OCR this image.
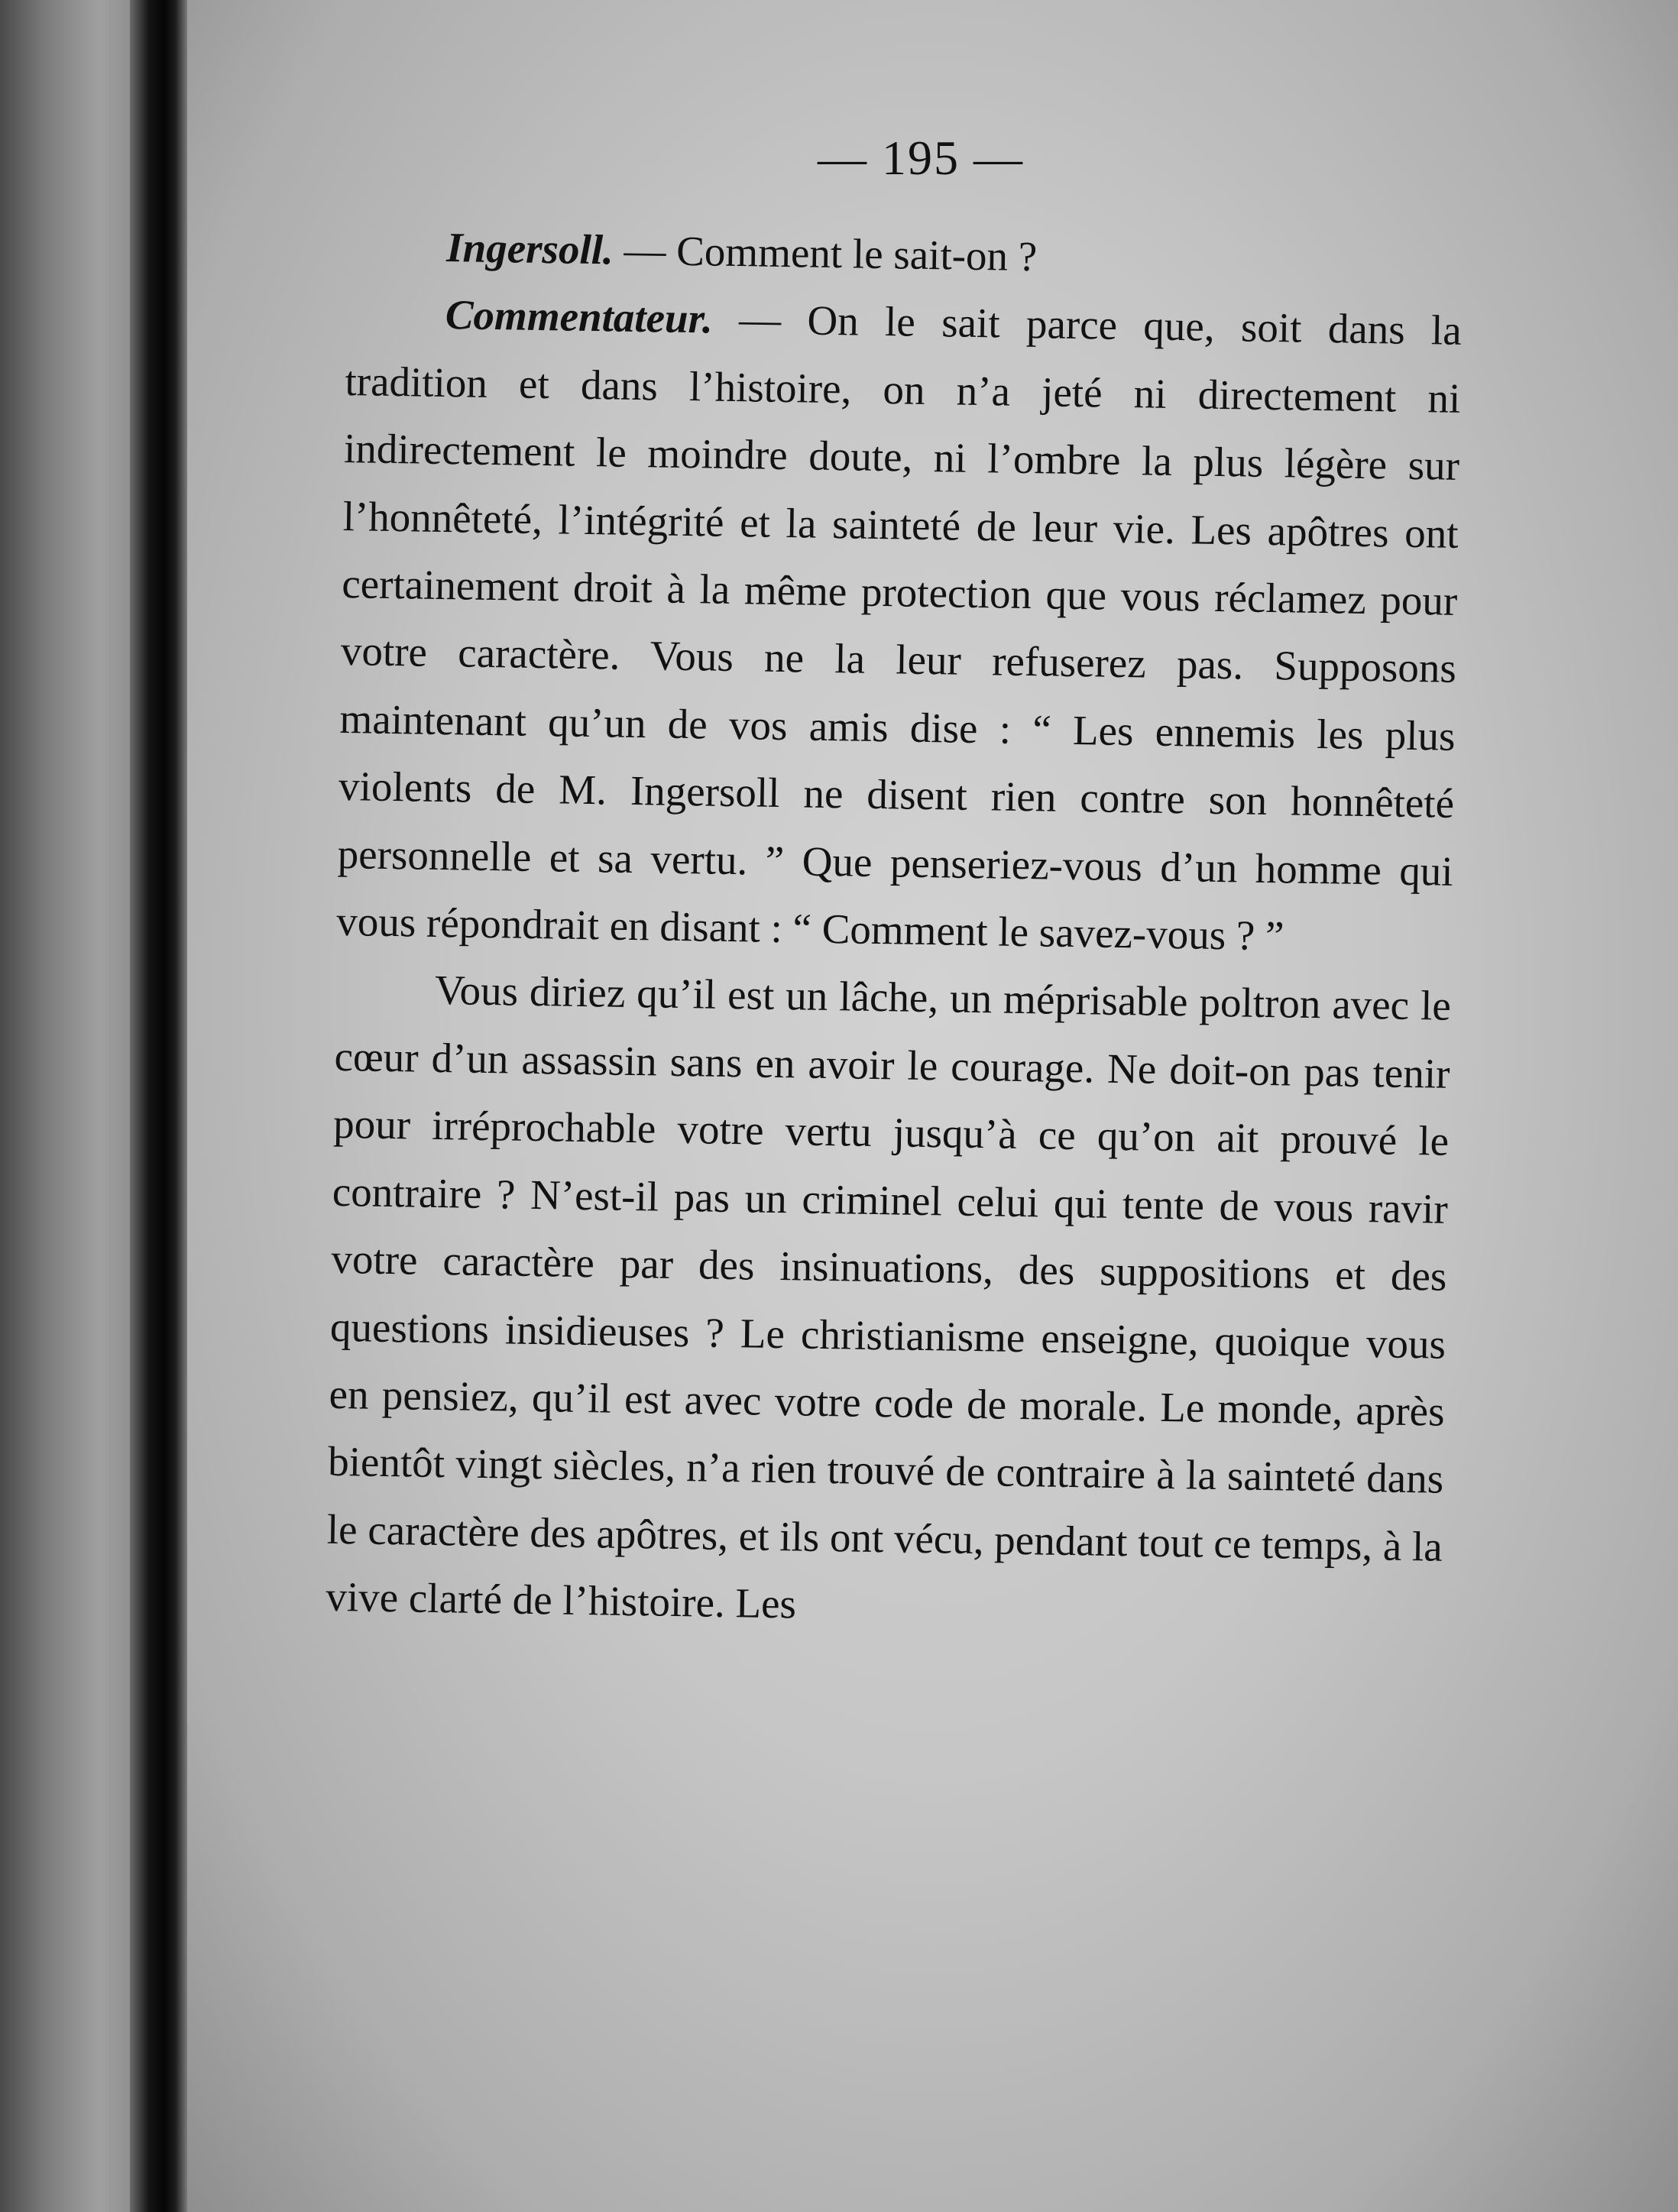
— 195 —

Ingersoll. — Comment le sait-on ?

Commentateur. — On le sait parce que, soit dans la tradition et dans l’histoire, on n’a jeté ni directement ni indirectement le moindre doute, ni l’ombre la plus légère sur l’honnêteté, l’intégrité et la sainteté de leur vie. Les apôtres ont certainement droit à la même protection que vous réclamez pour votre caractère. Vous ne la leur refuserez pas. Supposons maintenant qu’un de vos amis dise : “ Les ennemis les plus violents de M. Ingersoll ne disent rien contre son honnêteté personnelle et sa vertu. ” Que penseriez-vous d’un homme qui vous répondrait en disant : “ Comment le savez-vous ? ”

Vous diriez qu’il est un lâche, un méprisable poltron avec le cœur d’un assassin sans en avoir le courage. Ne doit-on pas tenir pour irréprochable votre vertu jusqu’à ce qu’on ait prouvé le contraire ? N’est-il pas un criminel celui qui tente de vous ravir votre caractère par des insinuations, des suppositions et des questions insidieuses ? Le christianisme enseigne, quoique vous en pensiez, qu’il est avec votre code de morale. Le monde, après bientôt vingt siècles, n’a rien trouvé de contraire à la sainteté dans le caractère des apôtres, et ils ont vécu, pendant tout ce temps, à la vive clarté de l’histoire. Les
